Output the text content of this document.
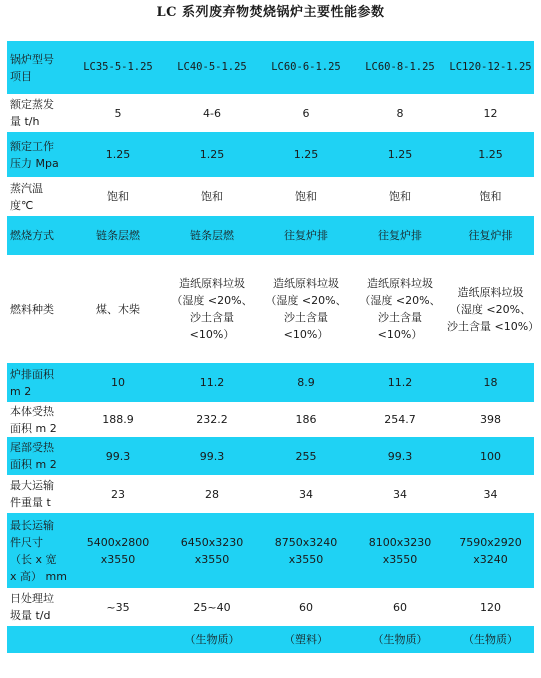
LC 系列废弃物焚烧锅炉主要性能参数
锅炉型号
项目	LC35-5-1.25	LC40-5-1.25	LC60-6-1.25	LC60-8-1.25	LC120-12-1.25
额定蒸发
量 t/h	5	4-6	6	8	12
额定工作
压力 Mpa	1.25	1.25	1.25	1.25	1.25
蒸汽温
度℃	饱和	饱和	饱和	饱和	饱和
燃烧方式	链条层燃	链条层燃	往复炉排	往复炉排	往复炉排
燃料种类	煤、木柴	造纸原料垃圾
（湿度 <20%、
沙土含量
<10%）	造纸原料垃圾
（湿度 <20%、
沙土含量
<10%）	造纸原料垃圾
（湿度 <20%、
沙土含量
<10%）	造纸原料垃圾
（湿度 <20%、
沙土含量 <10%）
炉排面积
m 2	10	11.2	8.9	11.2	18
本体受热
面积 m 2	188.9	232.2	186	254.7	398
尾部受热
面积 m 2	99.3	99.3	255	99.3	100
最大运输
件重量 t	23	28	34	34	34
最长运输
件尺寸
（长 x 宽
x 高） mm	5400x2800
x3550	6450x3230
x3550	8750x3240
x3550	8100x3230
x3550	7590x2920
x3240
日处理垃
圾量 t/d	~35	25~40	60	60	120
		（生物质）	（塑料）	（生物质）	（生物质）
